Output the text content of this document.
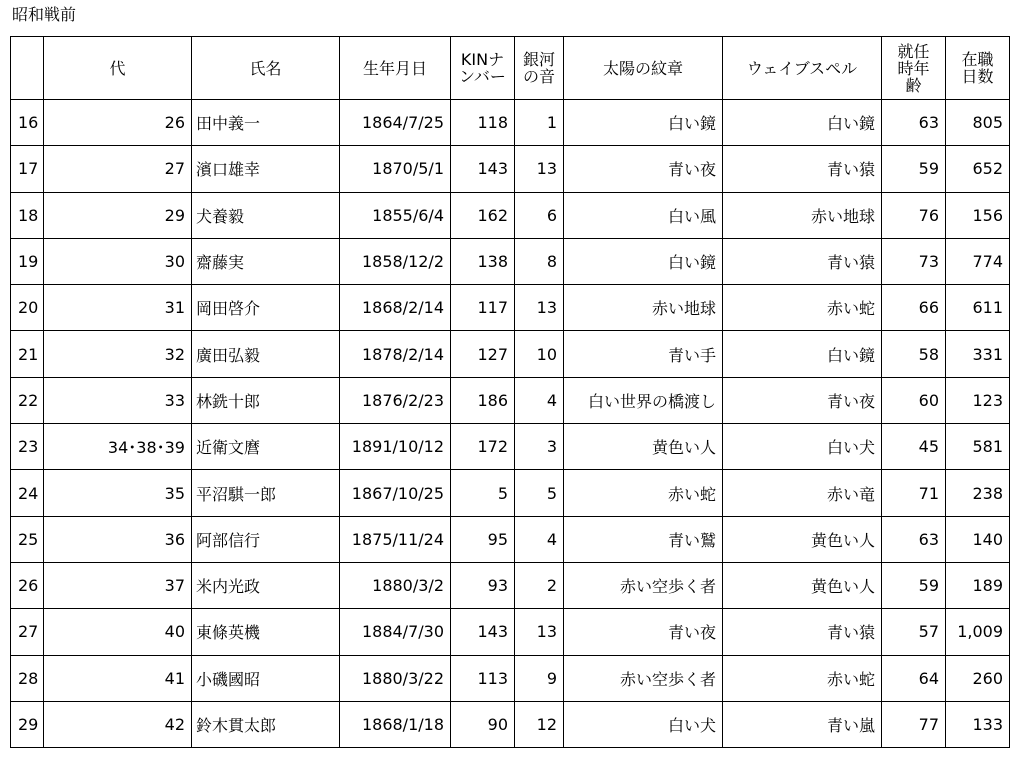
昭和戦前
	代	氏名	生年月日	KINナンバー	銀河の音	太陽の紋章	ウェイブスペル	就任時年齢	在職日数
16	26	田中義一	1864/7/25	118	1	白い鏡	白い鏡	63	805
17	27	濱口雄幸	1870/5/1	143	13	青い夜	青い猿	59	652
18	29	犬養毅	1855/6/4	162	6	白い風	赤い地球	76	156
19	30	齋藤実	1858/12/2	138	8	白い鏡	青い猿	73	774
20	31	岡田啓介	1868/2/14	117	13	赤い地球	赤い蛇	66	611
21	32	廣田弘毅	1878/2/14	127	10	青い手	白い鏡	58	331
22	33	林銑十郎	1876/2/23	186	4	白い世界の橋渡し	青い夜	60	123
23	34･38･39	近衛文麿	1891/10/12	172	3	黄色い人	白い犬	45	581
24	35	平沼騏一郎	1867/10/25	5	5	赤い蛇	赤い竜	71	238
25	36	阿部信行	1875/11/24	95	4	青い鷲	黄色い人	63	140
26	37	米内光政	1880/3/2	93	2	赤い空歩く者	黄色い人	59	189
27	40	東條英機	1884/7/30	143	13	青い夜	青い猿	57	1,009
28	41	小磯國昭	1880/3/22	113	9	赤い空歩く者	赤い蛇	64	260
29	42	鈴木貫太郎	1868/1/18	90	12	白い犬	青い嵐	77	133
